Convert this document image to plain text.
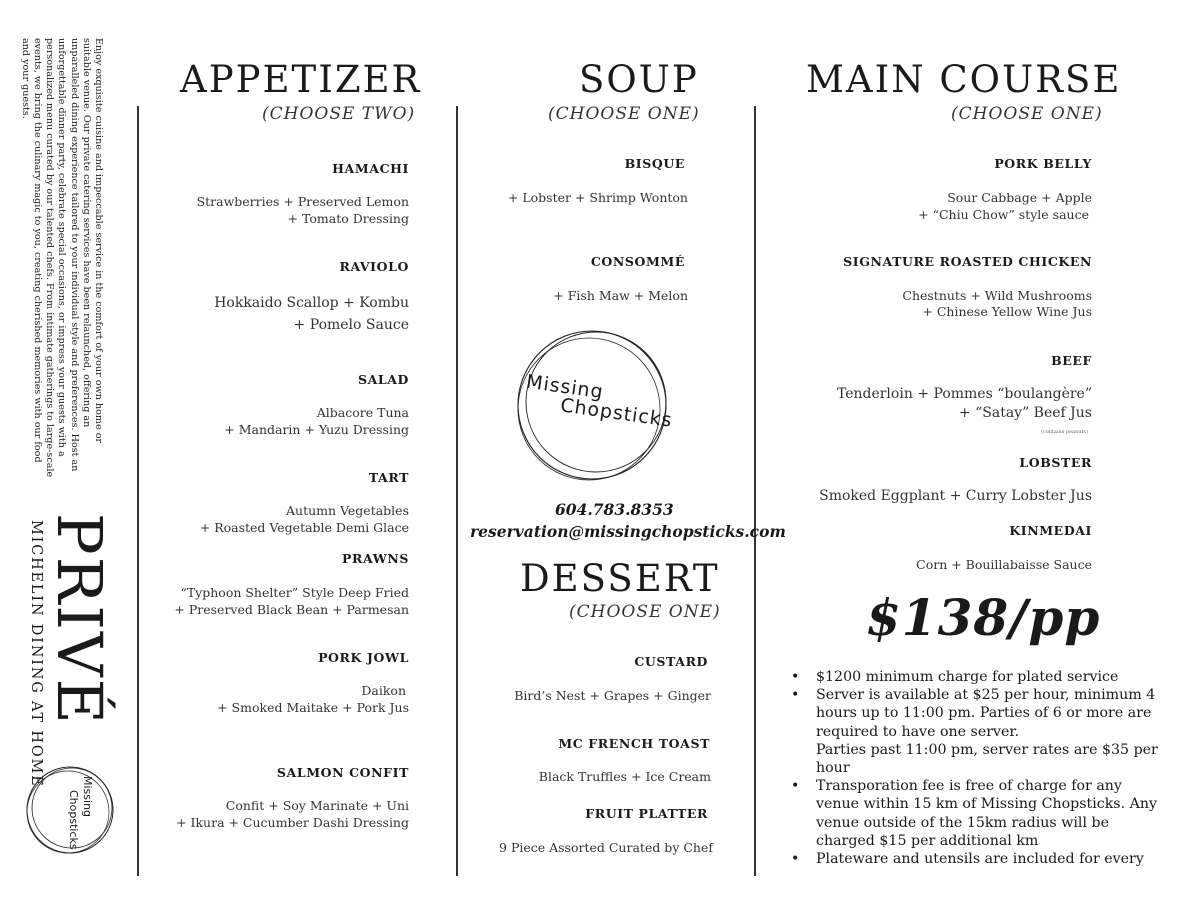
Enjoy exquisite cuisine and impeccable service in the comfort of your own home or suitable venue. Our private catering services have been relaunched, offering an unparalleled dining experience tailored to your individual style and preferences. Host an unforgettable dinner party, celebrate special occasions, or impress your guests with a personalized menu curated by our talented chefs. From intimate gatherings to large-scale events, we bring the culinary magic to you, creating cherished memories with our food and your guests.
PRIVÉ
MICHELIN DINING AT HOME
Missing
Chopsticks
APPETIZER
(CHOOSE TWO)
HAMACHI
Strawberries + Preserved Lemon
+ Tomato Dressing
RAVIOLO
Hokkaido Scallop + Kombu
+ Pomelo Sauce
SALAD
Albacore Tuna
+ Mandarin + Yuzu Dressing
TART
Autumn Vegetables
+ Roasted Vegetable Demi Glace
PRAWNS
“Typhoon Shelter” Style Deep Fried
+ Preserved Black Bean + Parmesan
PORK JOWL
Daikon
+ Smoked Maitake + Pork Jus
SALMON CONFIT
Confit + Soy Marinate + Uni
+ Ikura + Cucumber Dashi Dressing
SOUP
(CHOOSE ONE)
BISQUE
+ Lobster + Shrimp Wonton
CONSOMMÉ
+ Fish Maw + Melon
Missing
Chopsticks
604.783.8353
reservation@missingchopsticks.com
DESSERT
(CHOOSE ONE)
CUSTARD
Bird’s Nest + Grapes + Ginger
MC FRENCH TOAST
Black Truffles + Ice Cream
FRUIT PLATTER
9 Piece Assorted Curated by Chef
MAIN COURSE
(CHOOSE ONE)
PORK BELLY
Sour Cabbage + Apple
+ “Chiu Chow” style sauce
SIGNATURE ROASTED CHICKEN
Chestnuts + Wild Mushrooms
+ Chinese Yellow Wine Jus
BEEF
Tenderloin + Pommes “boulangère”
+ “Satay” Beef Jus
(contains peanuts)
LOBSTER
Smoked Eggplant + Curry Lobster Jus
KINMEDAI
Corn + Bouillabaisse Sauce
$138/pp
• $1200 minimum charge for plated service
• Server is available at $25 per hour, minimum 4 hours up to 11:00 pm. Parties of 6 or more are required to have one server.
Parties past 11:00 pm, server rates are $35 per hour
• Transporation fee is free of charge for any venue within 15 km of Missing Chopsticks. Any venue outside of the 15km radius will be charged $15 per additional km
• Plateware and utensils are included for every
